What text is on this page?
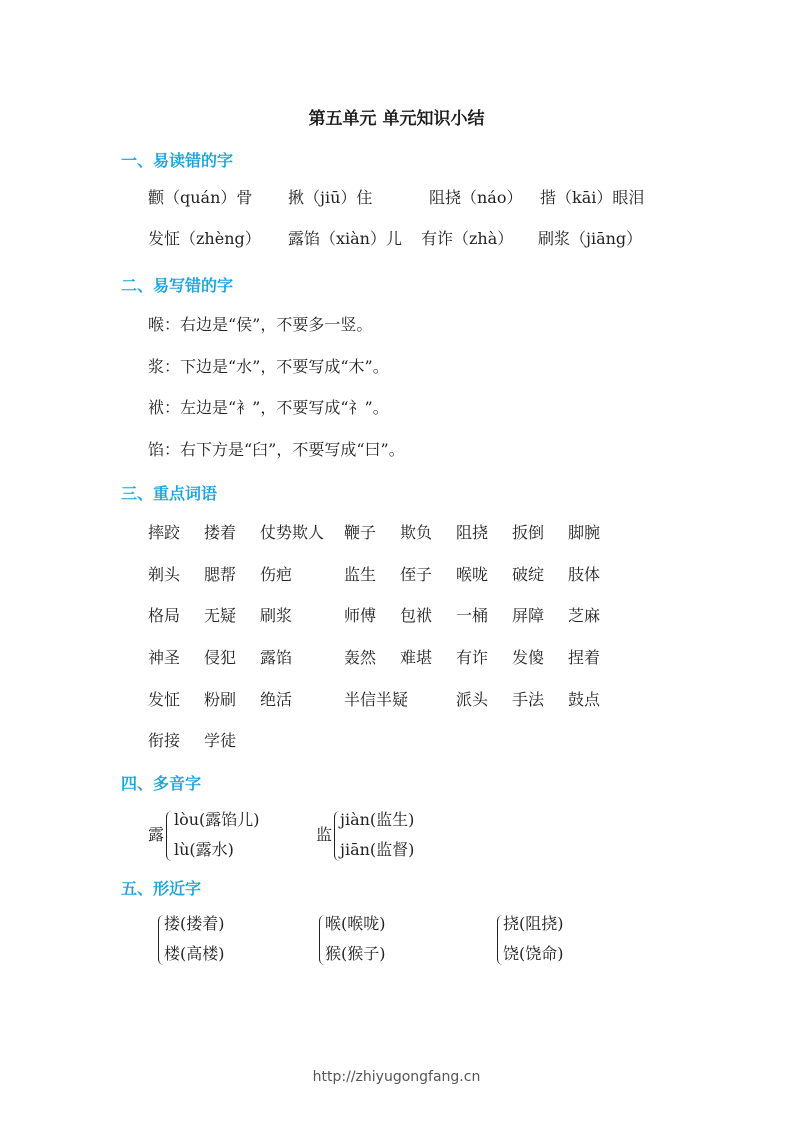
第五单元 单元知识小结
一、易读错的字
颧（quán）骨 揪（jiū）住	阻挠（náo） 揩（kāi）眼泪
发怔（zhèng） 露馅（xiàn）儿 有诈（zhà） 刷浆（jiāng）
二、易写错的字
喉：右边是“侯”，不要多一竖。
浆：下边是“水”，不要写成“木”。
袱：左边是“衤”，不要写成“礻”。
馅：右下方是“臼”，不要写成“曰”。
三、重点词语
摔跤 搂着 仗势欺人 鞭子 欺负 阻挠 扳倒 脚腕
剃头 腮帮 伤疤	监生 侄子 喉咙 破绽 肢体
格局 无疑 刷浆	师傅 包袱 一桶 屏障 芝麻
神圣 侵犯 露馅	轰然 难堪 有诈 发傻 捏着
发怔 粉刷 绝活	半信半疑	派头 手法 鼓点
衔接 学徒
四、多音字
露
lòu(露馅儿)
lù(露水)
监
jiàn(监生)
jiān(监督)
五、形近字
搂(搂着)
楼(高楼)
喉(喉咙)
猴(猴子)
挠(阻挠)
饶(饶命)
http://zhiyugongfang.cn
